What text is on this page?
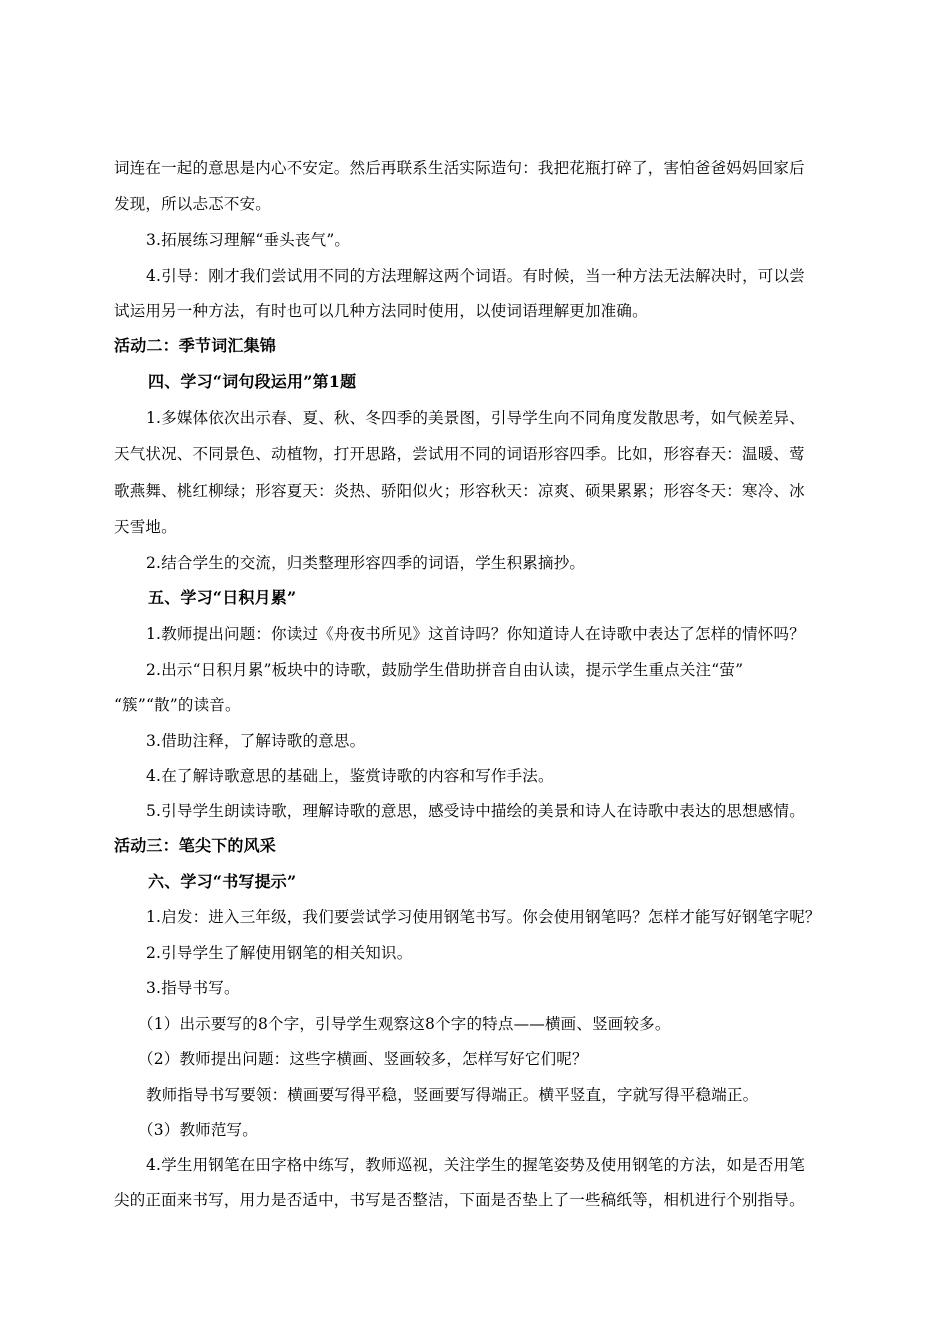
词连在一起的意思是内心不安定。然后再联系生活实际造句：我把花瓶打碎了，害怕爸爸妈妈回家后
发现，所以忐忑不安。
3.拓展练习理解“垂头丧气”。
4.引导：刚才我们尝试用不同的方法理解这两个词语。有时候，当一种方法无法解决时，可以尝
试运用另一种方法，有时也可以几种方法同时使用，以使词语理解更加准确。
活动二：季节词汇集锦
四、学习“词句段运用”第1题
1.多媒体依次出示春、夏、秋、冬四季的美景图，引导学生向不同角度发散思考，如气候差异、
天气状况、不同景色、动植物，打开思路，尝试用不同的词语形容四季。比如，形容春天：温暖、莺
歌燕舞、桃红柳绿；形容夏天：炎热、骄阳似火；形容秋天：凉爽、硕果累累；形容冬天：寒冷、冰
天雪地。
2.结合学生的交流，归类整理形容四季的词语，学生积累摘抄。
五、学习“日积月累”
1.教师提出问题：你读过《舟夜书所见》这首诗吗？你知道诗人在诗歌中表达了怎样的情怀吗？
2.出示“日积月累”板块中的诗歌，鼓励学生借助拼音自由认读，提示学生重点关注“萤”
“簇”“散”的读音。
3.借助注释，了解诗歌的意思。
4.在了解诗歌意思的基础上，鉴赏诗歌的内容和写作手法。
5.引导学生朗读诗歌，理解诗歌的意思，感受诗中描绘的美景和诗人在诗歌中表达的思想感情。
活动三：笔尖下的风采
六、学习“书写提示”
1.启发：进入三年级，我们要尝试学习使用钢笔书写。你会使用钢笔吗？怎样才能写好钢笔字呢？
2.引导学生了解使用钢笔的相关知识。
3.指导书写。
（1）出示要写的8个字，引导学生观察这8个字的特点——横画、竖画较多。
（2）教师提出问题：这些字横画、竖画较多，怎样写好它们呢？
教师指导书写要领：横画要写得平稳，竖画要写得端正。横平竖直，字就写得平稳端正。
（3）教师范写。
4.学生用钢笔在田字格中练写，教师巡视，关注学生的握笔姿势及使用钢笔的方法，如是否用笔
尖的正面来书写，用力是否适中，书写是否整洁，下面是否垫上了一些稿纸等，相机进行个别指导。
